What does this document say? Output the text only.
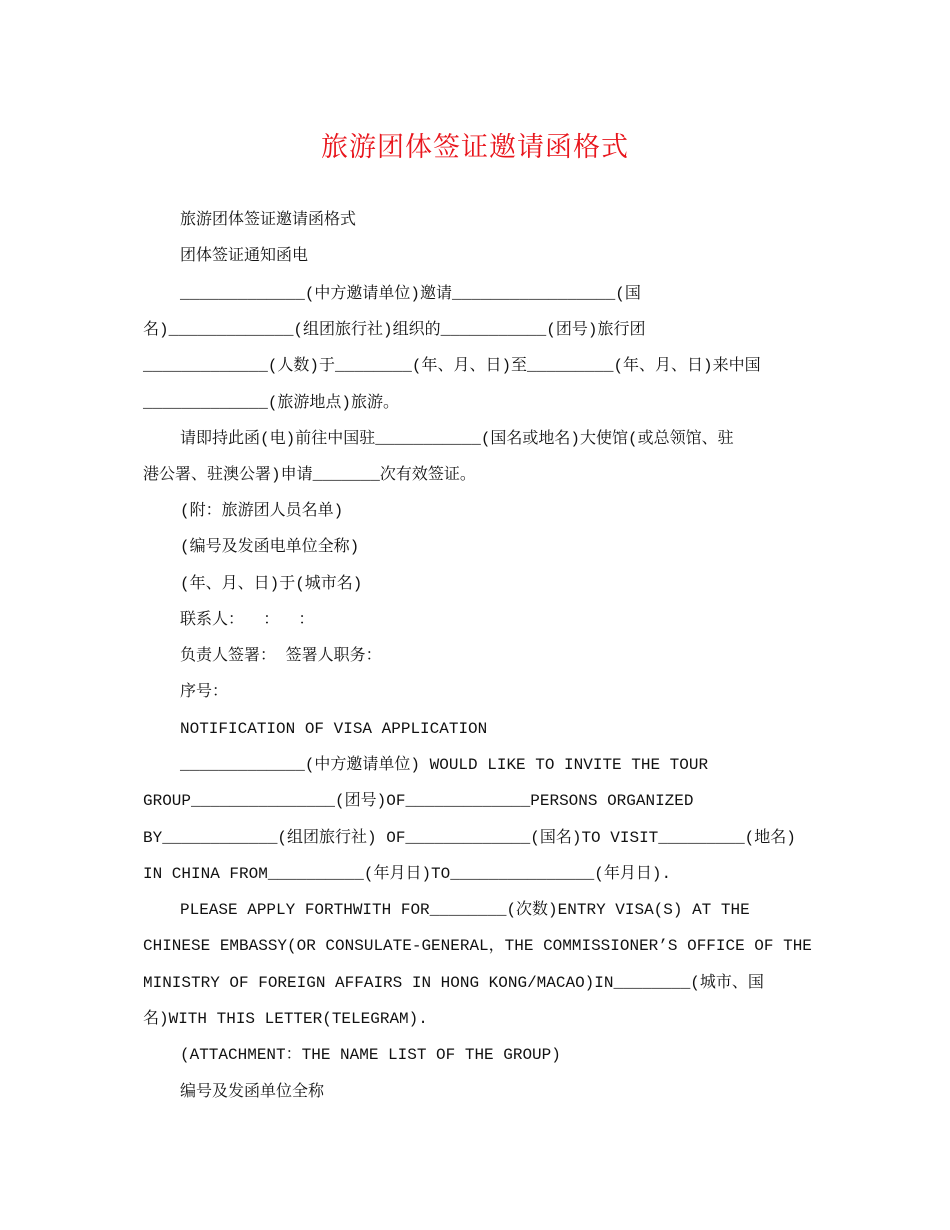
旅游团体签证邀请函格式
旅游团体签证邀请函格式
团体签证通知函电
_____________(中方邀请单位)邀请_________________(国
名)_____________(组团旅行社)组织的___________(团号)旅行团
_____________(人数)于________(年、月、日)至_________(年、月、日)来中国
_____________(旅游地点)旅游。
请即持此函(电)前往中国驻___________(国名或地名)大使馆(或总领馆、驻
港公署、驻澳公署)申请_______次有效签证。
(附：旅游团人员名单)
(编号及发函电单位全称)
(年、月、日)于(城市名)
联系人：  ：  ：
负责人签署： 签署人职务：
序号：
NOTIFICATION OF VISA APPLICATION
_____________(中方邀请单位) WOULD LIKE TO INVITE THE TOUR
GROUP_______________(团号)OF_____________PERSONS ORGANIZED
BY____________(组团旅行社) OF_____________(国名)TO VISIT_________(地名)
IN CHINA FROM__________(年月日)TO_______________(年月日).
PLEASE APPLY FORTHWITH FOR________(次数)ENTRY VISA(S) AT THE
CHINESE EMBASSY(OR CONSULATE-GENERAL，THE COMMISSIONER’S OFFICE OF THE
MINISTRY OF FOREIGN AFFAIRS IN HONG KONG/MACAO)IN________(城市、国
名)WITH THIS LETTER(TELEGRAM).
(ATTACHMENT：THE NAME LIST OF THE GROUP)
编号及发函单位全称
